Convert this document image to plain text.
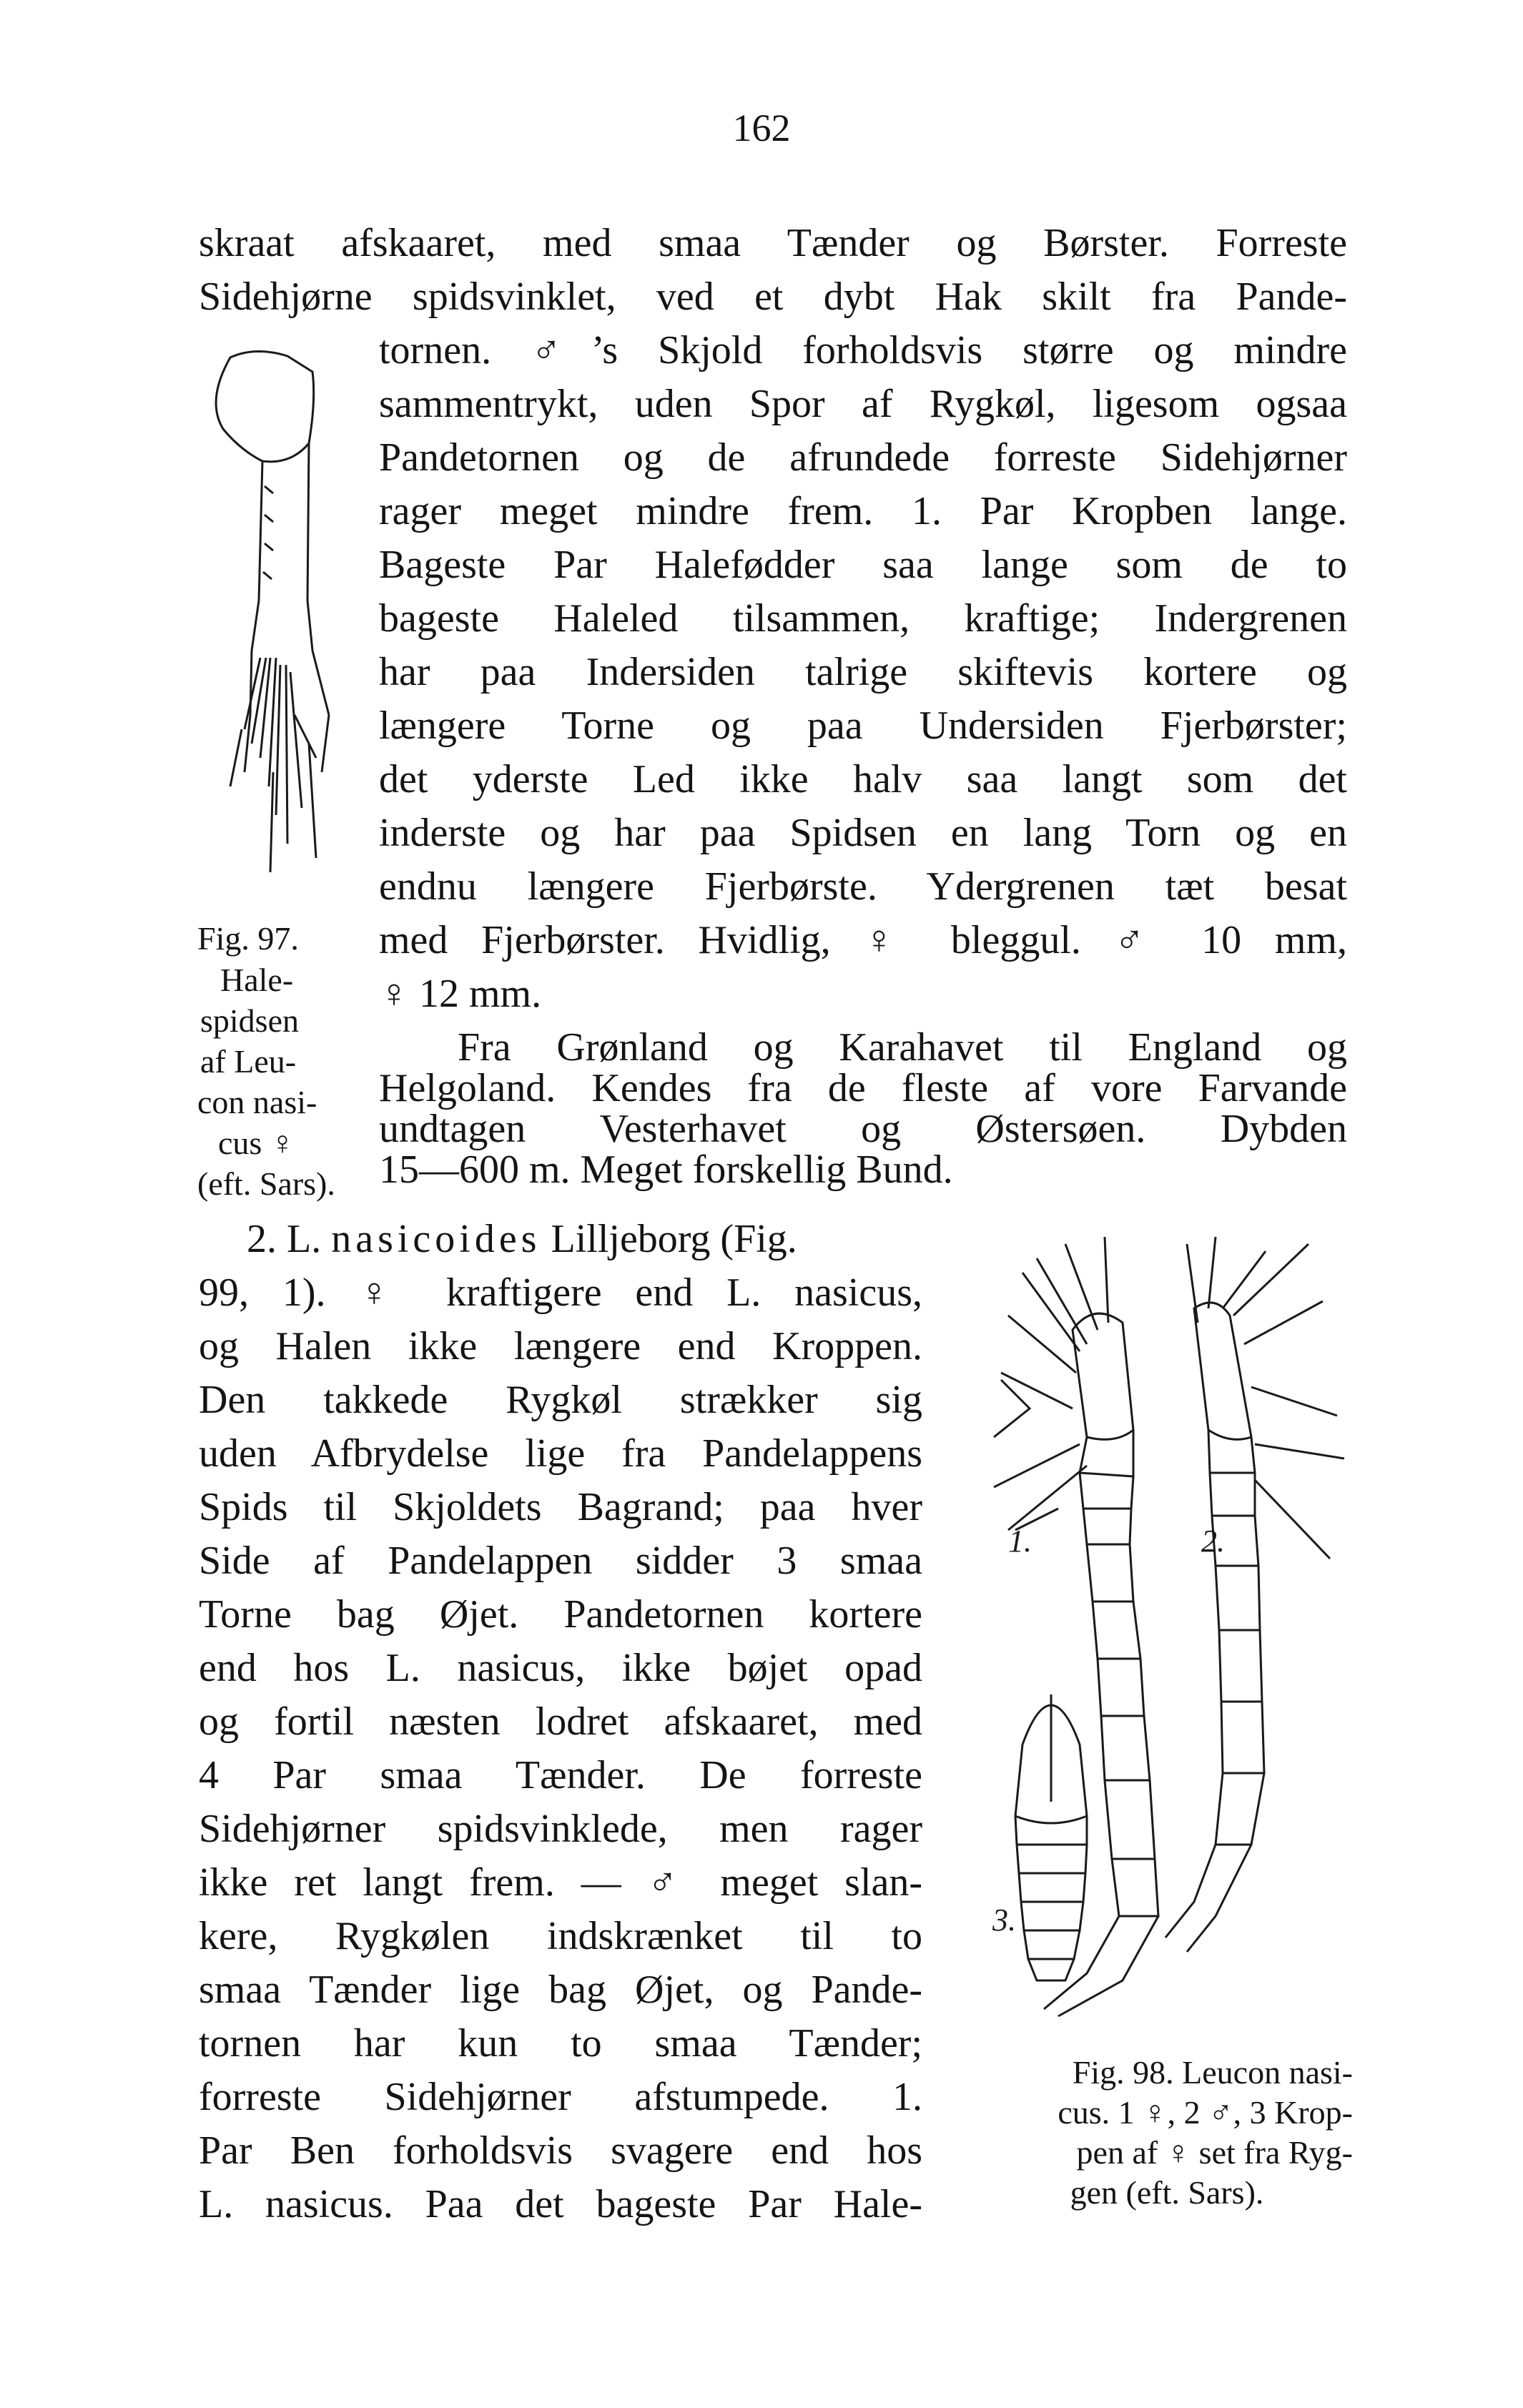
162
skraat afskaaret, med smaa Tænder og Børster. Forreste
Sidehjørne spidsvinklet, ved et dybt Hak skilt fra Pande-
tornen. ♂’s Skjold forholdsvis større og mindre
sammentrykt, uden Spor af Rygkøl, ligesom ogsaa
Pandetornen og de afrundede forreste Sidehjørner
rager meget mindre frem. 1. Par Kropben lange.
Bageste Par Halefødder saa lange som de to
bageste Haleled tilsammen, kraftige; Indergrenen
har paa Indersiden talrige skiftevis kortere og
længere Torne og paa Undersiden Fjerbørster;
det yderste Led ikke halv saa langt som det
inderste og har paa Spidsen en lang Torn og en
endnu længere Fjerbørste. Ydergrenen tæt besat
med Fjerbørster. Hvidlig, ♀ bleggul. ♂ 10 mm,
♀ 12 mm.
Fra Grønland og Karahavet til England og
Helgoland. Kendes fra de fleste af vore Farvande
undtagen Vesterhavet og Østersøen. Dybden
15—600 m. Meget forskellig Bund.
Fig. 97.
Hale-
spidsen
af Leu-
con nasi-
cus ♀
(eft. Sars).
2. L. nasicoides Lilljeborg (Fig.
99, 1). ♀ kraftigere end L. nasicus,
og Halen ikke længere end Kroppen.
Den takkede Rygkøl strækker sig
uden Afbrydelse lige fra Pandelappens
Spids til Skjoldets Bagrand; paa hver
Side af Pandelappen sidder 3 smaa
Torne bag Øjet. Pandetornen kortere
end hos L. nasicus, ikke bøjet opad
og fortil næsten lodret afskaaret, med
4 Par smaa Tænder. De forreste
Sidehjørner spidsvinklede, men rager
ikke ret langt frem. — ♂ meget slan-
kere, Rygkølen indskrænket til to
smaa Tænder lige bag Øjet, og Pande-
tornen har kun to smaa Tænder;
forreste Sidehjørner afstumpede. 1.
Par Ben forholdsvis svagere end hos
L. nasicus. Paa det bageste Par Hale-
1.	2.
3.
Fig. 98. Leucon nasi-
cus. 1 ♀, 2 ♂, 3 Krop-
pen af ♀ set fra Ryg-
gen (eft. Sars).
